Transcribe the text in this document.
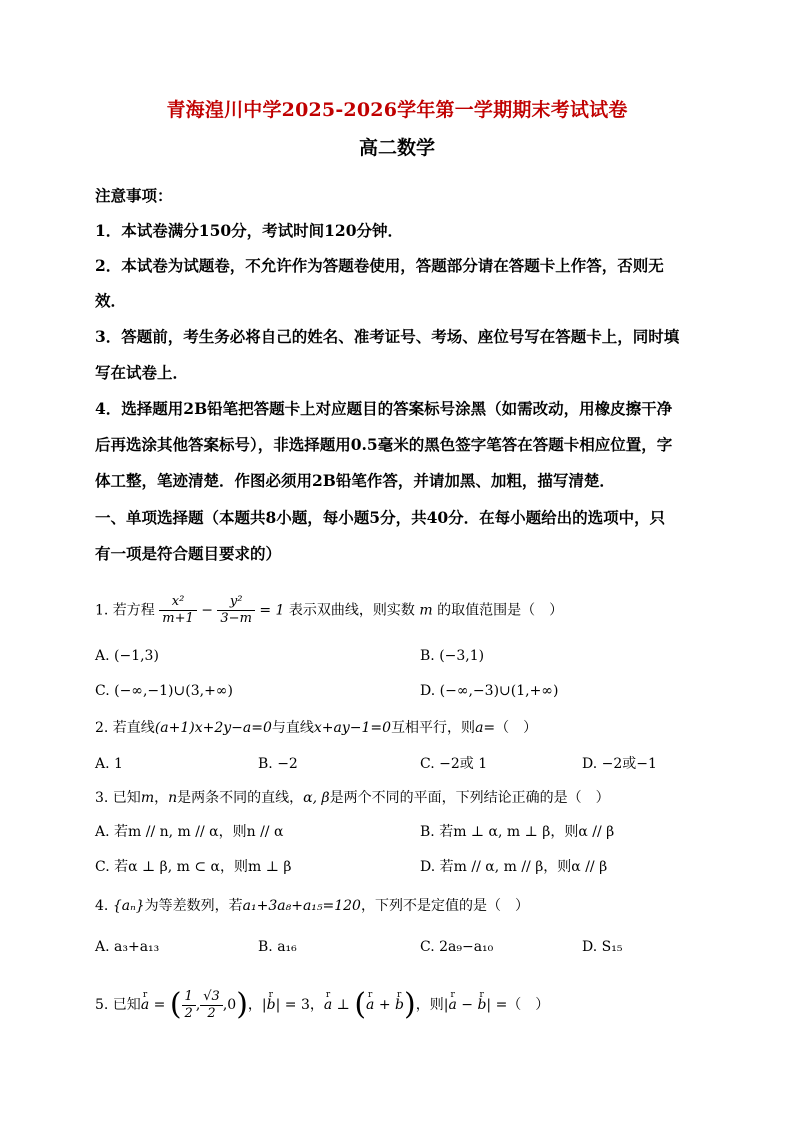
青海湟川中学2025-2026学年第一学期期末考试试卷
高二数学
注意事项：
1．本试卷满分150分，考试时间120分钟．
2．本试卷为试题卷，不允许作为答题卷使用，答题部分请在答题卡上作答，否则无
效．
3．答题前，考生务必将自己的姓名、准考证号、考场、座位号写在答题卡上，同时填
写在试卷上．
4．选择题用2B铅笔把答题卡上对应题目的答案标号涂黑（如需改动，用橡皮擦干净
后再选涂其他答案标号），非选择题用0.5毫米的黑色签字笔答在答题卡相应位置，字
体工整，笔迹清楚．作图必须用2B铅笔作答，并请加黑、加粗，描写清楚．
一、单项选择题（本题共8小题，每小题5分，共40分．在每小题给出的选项中，只
有一项是符合题目要求的）
1. 若方程 $\frac{\text{x²}}{m+1} - \frac{\text{y²}}{3-m} = 1$ 表示双曲线，则实数 m 的取值范围是（　）
A. (−1,3)	B. (−3,1)
C. (−∞,−1)∪(3,+∞)	D. (−∞,−3)∪(1,+∞)
2. 若直线(a+1)x+2y−a=0与直线x+ay−1=0互相平行，则a=（　）
A. 1	B. −2	C. −2或 1	D. −2或−1
3. 已知m，n是两条不同的直线，α, β是两个不同的平面，下列结论正确的是（　）
A. 若m // n, m // α，则n // α	B. 若m ⊥ α, m ⊥ β，则α // β
C. 若α ⊥ β, m ⊂ α，则m ⊥ β	D. 若m // α, m // β，则α // β
4. {aₙ}为等差数列，若a₁+3a₈+a₁₅=120，下列不是定值的是（　）
A. a₃+a₁₃	B. a₁₆	C. 2a₉−a₁₀	D. S₁₅
5. 已知r a = ( $\frac{1}{2}$ , $\frac{√3}{2} ,0$)，|r b| = 3，r a ⊥ (r a + r b)，则|r a − r b| =（　）
